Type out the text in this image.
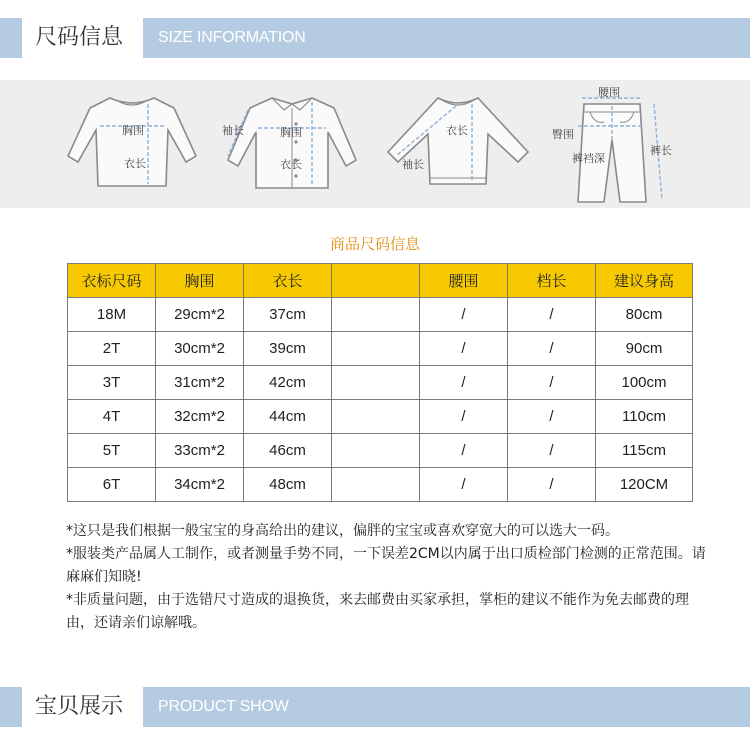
尺码信息 SIZE INFORMATION
胸围
衣长
袖长	胸围
衣长
衣长
袖长
腰围
臀围
裤裆深
裤长
商品尺码信息
衣标尺码	胸围	衣长		腰围	档长	建议身高
18M	29cm*2	37cm		/	/	80cm
2T	30cm*2	39cm		/	/	90cm
3T	31cm*2	42cm		/	/	100cm
4T	32cm*2	44cm		/	/	110cm
5T	33cm*2	46cm		/	/	115cm
6T	34cm*2	48cm		/	/	120CM

*这只是我们根据一般宝宝的身高给出的建议，偏胖的宝宝或喜欢穿宽大的可以选大一码。

*服装类产品属人工制作，或者测量手势不同，一下误差2CM以内属于出口质检部门检测的正常范围。请麻麻们知晓!

*非质量问题，由于选错尺寸造成的退换货，来去邮费由买家承担，掌柜的建议不能作为免去邮费的理由，还请亲们谅解哦。

宝贝展示 PRODUCT SHOW
